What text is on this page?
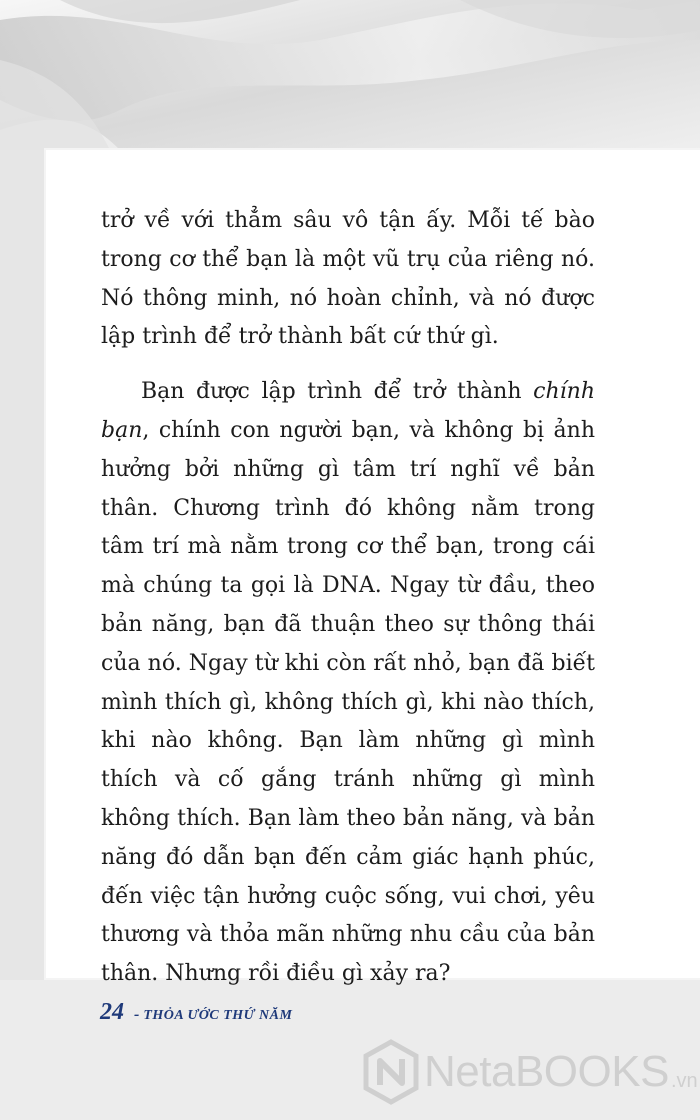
trở về với thẳm sâu vô tận ấy. Mỗi tế bào trong cơ thể bạn là một vũ trụ của riêng nó. Nó thông minh, nó hoàn chỉnh, và nó được lập trình để trở thành bất cứ thứ gì.

Bạn được lập trình để trở thành chính bạn, chính con người bạn, và không bị ảnh hưởng bởi những gì tâm trí nghĩ về bản thân. Chương trình đó không nằm trong tâm trí mà nằm trong cơ thể bạn, trong cái mà chúng ta gọi là DNA. Ngay từ đầu, theo bản năng, bạn đã thuận theo sự thông thái của nó. Ngay từ khi còn rất nhỏ, bạn đã biết mình thích gì, không thích gì, khi nào thích, khi nào không. Bạn làm những gì mình thích và cố gắng tránh những gì mình không thích. Bạn làm theo bản năng, và bản năng đó dẫn bạn đến cảm giác hạnh phúc, đến việc tận hưởng cuộc sống, vui chơi, yêu thương và thỏa mãn những nhu cầu của bản thân. Nhưng rồi điều gì xảy ra?

24 - THỎA ƯỚC THỨ NĂM
NetaBOOKS .vn
